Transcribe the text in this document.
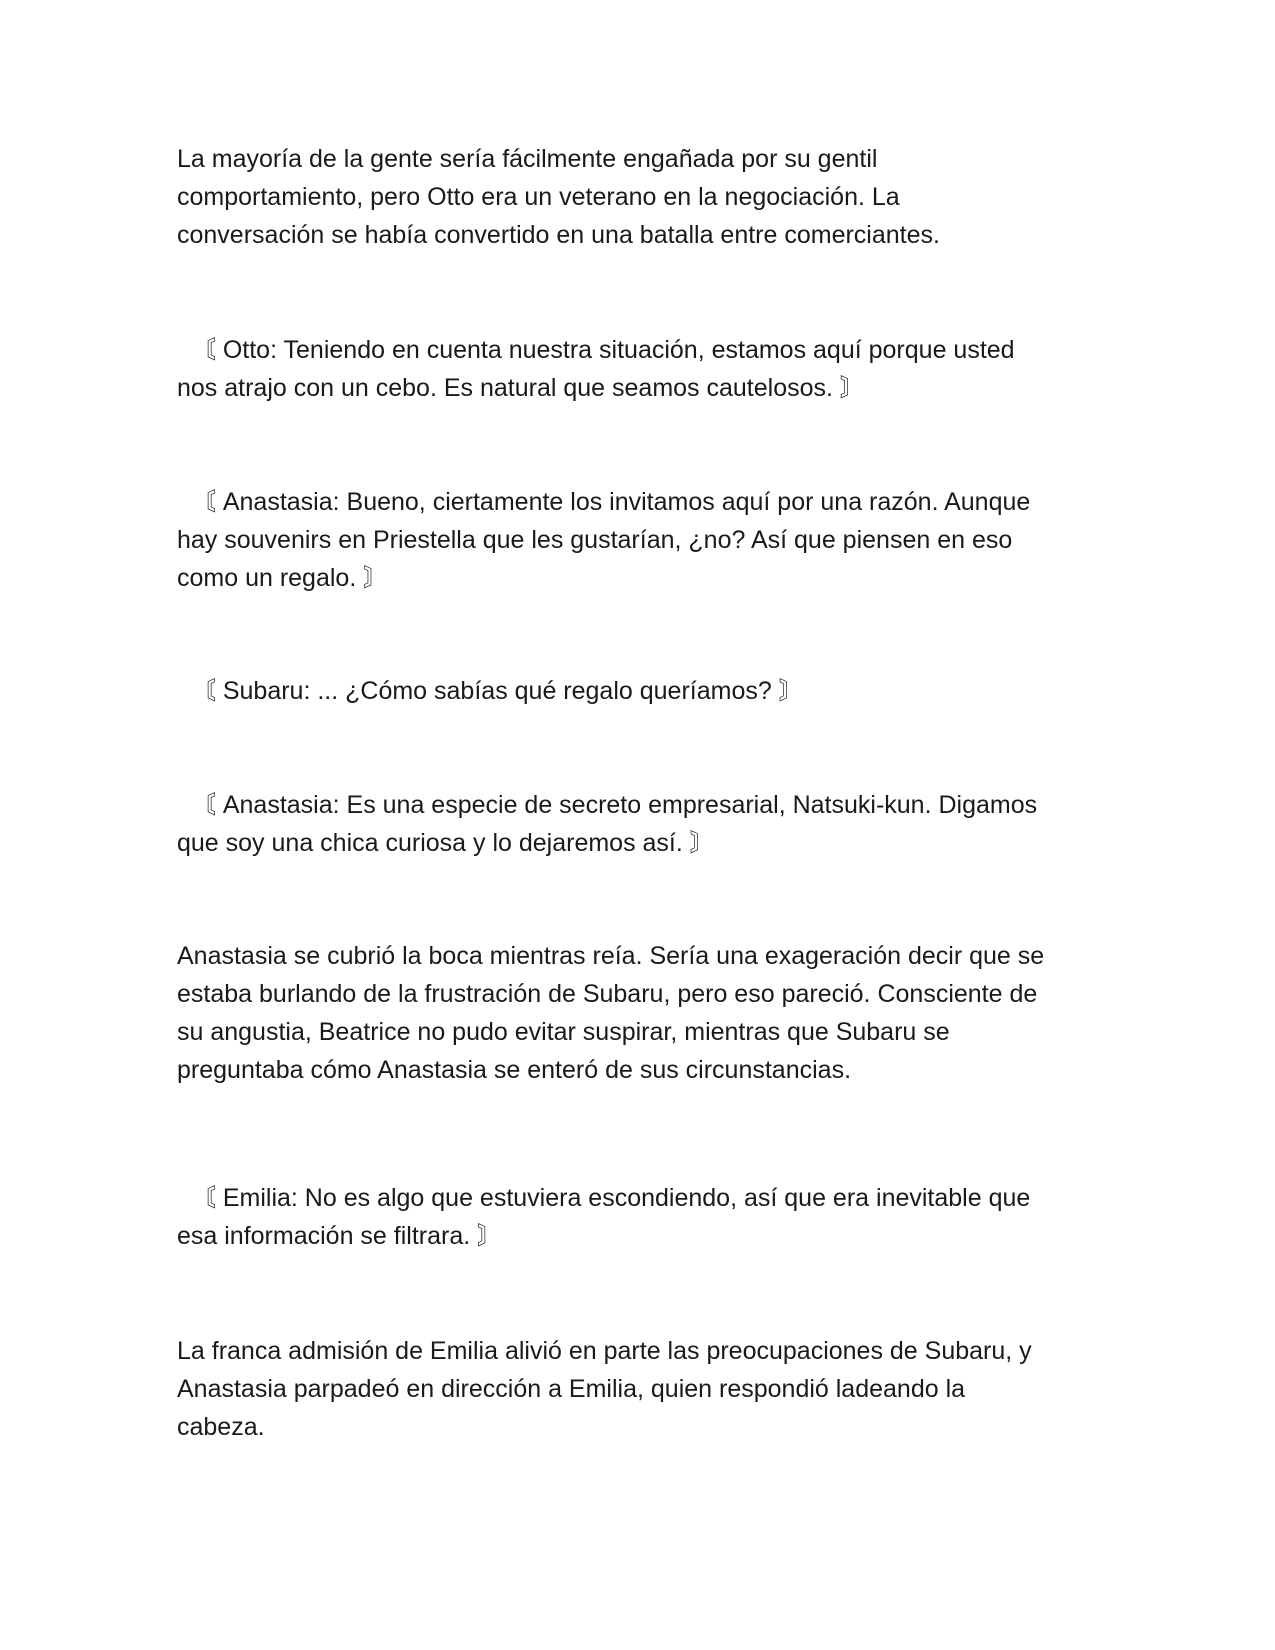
La mayoría de la gente sería fácilmente engañada por su gentil
comportamiento, pero Otto era un veterano en la negociación. La
conversación se había convertido en una batalla entre comerciantes.

〘 Otto: Teniendo en cuenta nuestra situación, estamos aquí porque usted
nos atrajo con un cebo. Es natural que seamos cautelosos. 〙

〘 Anastasia: Bueno, ciertamente los invitamos aquí por una razón. Aunque
hay souvenirs en Priestella que les gustarían, ¿no? Así que piensen en eso
como un regalo. 〙

〘 Subaru: ... ¿Cómo sabías qué regalo queríamos? 〙

〘 Anastasia: Es una especie de secreto empresarial, Natsuki-kun. Digamos
que soy una chica curiosa y lo dejaremos así. 〙

Anastasia se cubrió la boca mientras reía. Sería una exageración decir que se
estaba burlando de la frustración de Subaru, pero eso pareció. Consciente de
su angustia, Beatrice no pudo evitar suspirar, mientras que Subaru se
preguntaba cómo Anastasia se enteró de sus circunstancias.

〘 Emilia: No es algo que estuviera escondiendo, así que era inevitable que
esa información se filtrara. 〙

La franca admisión de Emilia alivió en parte las preocupaciones de Subaru, y
Anastasia parpadeó en dirección a Emilia, quien respondió ladeando la
cabeza.
